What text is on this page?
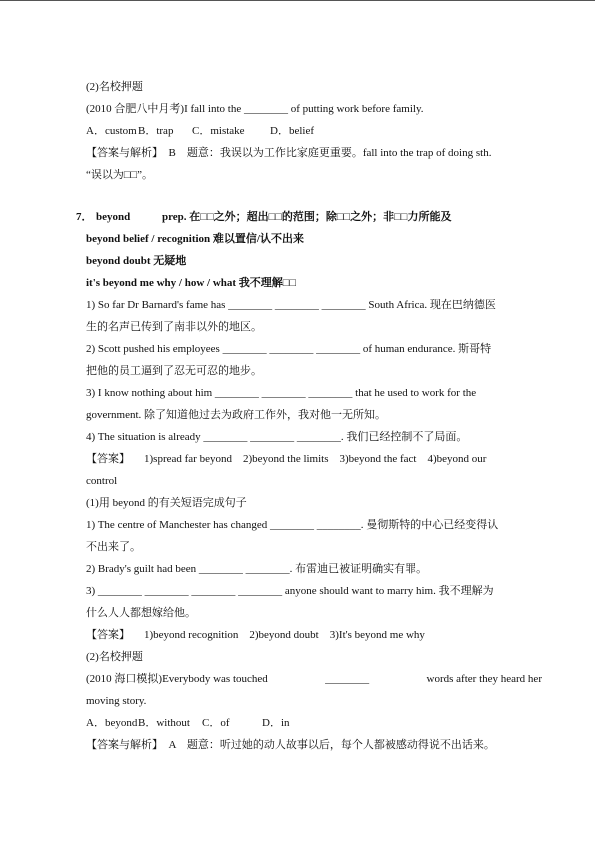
(2)名校押题
(2010 合肥八中月考)I fall into the ________ of putting work before family.
A．customB．trap C．mistake D．belief
【答案与解析】　B　题意：我误以为工作比家庭更重要。fall into the trap of doing sth.
“误以为□□”。
7． beyond	prep. 在□□之外；超出□□的范围；除□□之外；非□□力所能及
beyond belief / recognition 难以置信/认不出来
beyond doubt 无疑地
it's beyond me why / how / what 我不理解□□
1) So far Dr Barnard's fame has ________ ________ ________ South Africa. 现在巴纳德医
生的名声已传到了南非以外的地区。
2) Scott pushed his employees ________ ________ ________ of human endurance. 斯哥特
把他的员工逼到了忍无可忍的地步。
3) I know nothing about him ________ ________ ________ that he used to work for the
government. 除了知道他过去为政府工作外，我对他一无所知。
4) The situation is already ________ ________ ________. 我们已经控制不了局面。
【答案】 1)spread far beyond　2)beyond the limits　3)beyond the fact　4)beyond our
control
(1)用 beyond 的有关短语完成句子
1) The centre of Manchester has changed ________ ________. 曼彻斯特的中心已经变得认
不出来了。
2) Brady's guilt had been ________ ________. 布雷迪已被证明确实有罪。
3) ________ ________ ________ ________ anyone should want to marry him. 我不理解为
什么人人都想嫁给他。
【答案】 1)beyond recognition　2)beyond doubt　3)It's beyond me why
(2)名校押题
(2010 海口模拟)Everybody was touched	________	words after they heard her
moving story.
A．beyondB．without C．of	D．in
【答案与解析】　A　题意：听过她的动人故事以后，每个人都被感动得说不出话来。
